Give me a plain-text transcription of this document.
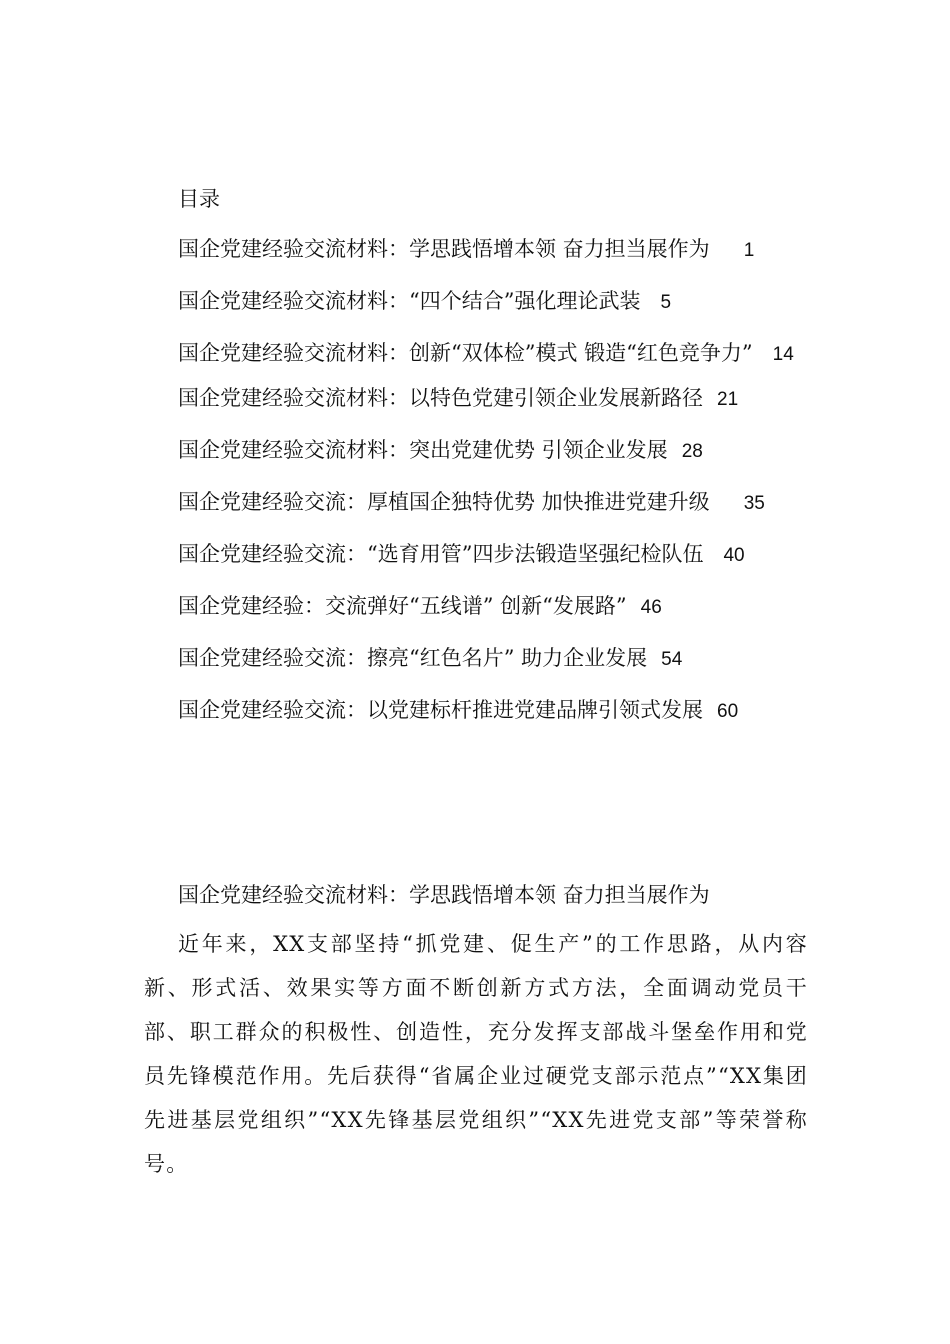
目录
国企党建经验交流材料：学思践悟增本领 奋力担当展作为 1
国企党建经验交流材料：“四个结合”强化理论武装 5
国企党建经验交流材料：创新“双体检”模式 锻造“红色竞争力” 14
国企党建经验交流材料：以特色党建引领企业发展新路径 21
国企党建经验交流材料：突出党建优势 引领企业发展 28
国企党建经验交流：厚植国企独特优势 加快推进党建升级 35
国企党建经验交流：“选育用管”四步法锻造坚强纪检队伍 40
国企党建经验：交流弹好“五线谱” 创新“发展路” 46
国企党建经验交流：擦亮“红色名片” 助力企业发展 54
国企党建经验交流：以党建标杆推进党建品牌引领式发展 60

国企党建经验交流材料：学思践悟增本领 奋力担当展作为

近年来，XX支部坚持“抓党建、促生产”的工作思路，从内容新、形式活、效果实等方面不断创新方式方法，全面调动党员干部、职工群众的积极性、创造性，充分发挥支部战斗堡垒作用和党员先锋模范作用。先后获得“省属企业过硬党支部示范点”“XX集团先进基层党组织”“XX先锋基层党组织”“XX先进党支部”等荣誉称号。
